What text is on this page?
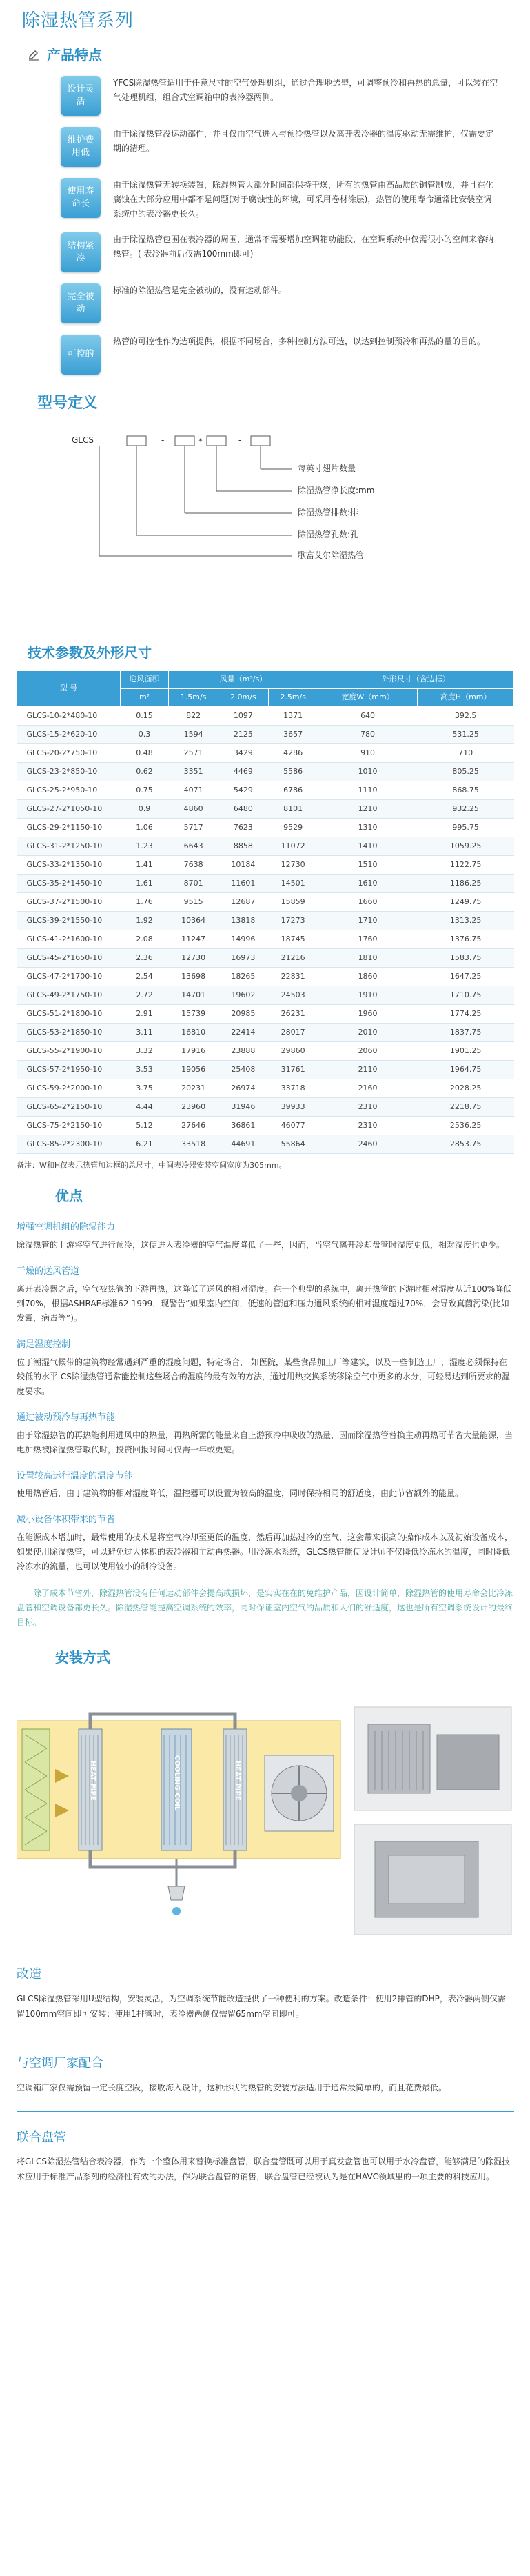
除湿热管系列
产品特点
设计灵活
YFCS除湿热管适用于任意尺寸的空气处理机组，通过合理地选型，可调整预冷和再热的总量，可以装在空气处理机组，组合式空调箱中的表冷器两侧。
维护费用低
由于除湿热管没运动部件，并且仅由空气进入与预冷热管以及离开表冷器的温度驱动无需维护，仅需要定期的清理。
使用寿命长
由于除湿热管无转换装置，除湿热管大部分时间都保持干燥，所有的热管由高品质的铜管制成，并且在化腐蚀在大部分应用中都不是问题(对于腐蚀性的环境，可采用卷材涂层)，热管的使用寿命通常比安装空调系统中的表冷器更长久。
结构紧凑
由于除湿热管包围在表冷器的周围，通常不需要增加空调箱功能段，在空调系统中仅需很小的空间来容纳热管。( 表冷器前后仅需100mm即可)
完全被动
标准的除湿热管是完全被动的，没有运动部件。
可控的
热管的可控性作为选项提供，根据不同场合，多种控制方法可选，以达到控制预冷和再热的量的目的。
型号定义
GLCS	-	*	-
每英寸翅片数量
除湿热管净长度:mm
除湿热管排数:排
除湿热管孔数:孔
歌富艾尔除湿热管
技术参数及外形尺寸
型 号	迎风面积	风量（m³/s）			外形尺寸（含边框）	
	m²	1.5m/s	2.0m/s	2.5m/s	宽度W（mm）	高度H（mm）
GLCS-10-2*480-10	0.15	822	1097	1371	640	392.5
GLCS-15-2*620-10	0.3	1594	2125	3657	780	531.25
GLCS-20-2*750-10	0.48	2571	3429	4286	910	710
GLCS-23-2*850-10	0.62	3351	4469	5586	1010	805.25
GLCS-25-2*950-10	0.75	4071	5429	6786	1110	868.75
GLCS-27-2*1050-10	0.9	4860	6480	8101	1210	932.25
GLCS-29-2*1150-10	1.06	5717	7623	9529	1310	995.75
GLCS-31-2*1250-10	1.23	6643	8858	11072	1410	1059.25
GLCS-33-2*1350-10	1.41	7638	10184	12730	1510	1122.75
GLCS-35-2*1450-10	1.61	8701	11601	14501	1610	1186.25
GLCS-37-2*1500-10	1.76	9515	12687	15859	1660	1249.75
GLCS-39-2*1550-10	1.92	10364	13818	17273	1710	1313.25
GLCS-41-2*1600-10	2.08	11247	14996	18745	1760	1376.75
GLCS-45-2*1650-10	2.36	12730	16973	21216	1810	1583.75
GLCS-47-2*1700-10	2.54	13698	18265	22831	1860	1647.25
GLCS-49-2*1750-10	2.72	14701	19602	24503	1910	1710.75
GLCS-51-2*1800-10	2.91	15739	20985	26231	1960	1774.25
GLCS-53-2*1850-10	3.11	16810	22414	28017	2010	1837.75
GLCS-55-2*1900-10	3.32	17916	23888	29860	2060	1901.25
GLCS-57-2*1950-10	3.53	19056	25408	31761	2110	1964.75
GLCS-59-2*2000-10	3.75	20231	26974	33718	2160	2028.25
GLCS-65-2*2150-10	4.44	23960	31946	39933	2310	2218.75
GLCS-75-2*2150-10	5.12	27646	36861	46077	2310	2536.25
GLCS-85-2*2300-10	6.21	33518	44691	55864	2460	2853.75

备注：W和H仅表示热管加边框的总尺寸，中间表冷器安装空间宽度为305mm。

优点
增强空调机组的除湿能力

除湿热管的上游将空气进行预冷，这使进入表冷器的空气温度降低了一些，因而，当空气离开冷却盘管时湿度更低，相对湿度也更少。

干燥的送风管道

离开表冷器之后，空气被热管的下游再热，这降低了送风的相对湿度。在一个典型的系统中，离开热管的下游时相对湿度从近100%降低到70%，根据ASHRAE标准62-1999，现警告”如果室内空间，低速的管道和压力通风系统的相对湿度超过70%，会导致真菌污染(比如发霉，病毒等”)。

满足湿度控制

位于潮湿气候带的建筑物经常遇到严重的湿度问题，特定场合， 如医院，某些食品加工厂等建筑，以及一些制造工厂，湿度必须保持在较低的水平 CS除湿热管通常能控制这些场合的湿度的最有效的方法，通过用热交换系统移除空气中更多的水分，可轻易达到所要求的湿度要求。

通过被动预冷与再热节能

由于除湿热管的再热能利用进风中的热量，再热所需的能量来自上游预冷中吸收的热量，因而除湿热管替换主动再热可节省大量能源，当电加热被除湿热管取代时，投资回报时间可仅需一年或更短。

设置较高运行温度的温度节能

使用热管后，由于建筑物的相对湿度降低，温控器可以设置为较高的温度，同时保持相同的舒适度，由此节省额外的能量。

减小设备体积带来的节省

在能源成本增加时，最常使用的技术是将空气冷却至更低的温度，然后再加热过冷的空气，这会带来很高的操作成本以及初始设备成本，如果使用除湿热管，可以避免过大体积的表冷器和主动再热器。用冷冻水系统，GLCS热管能使设计师不仅降低冷冻水的温度，同时降低冷冻水的流量，也可以使用较小的制冷设备。

除了成本节省外，除湿热管没有任何运动部件会提高或损坏，是实实在在的免维护产品，因设计简单，除湿热管的使用寿命会比冷冻盘管和空调设备都更长久。除湿热管能提高空调系统的效率，同时保证室内空气的品质和人们的舒适度，这也是所有空调系统设计的最终目标。

安装方式
HEAT PIPE	COOLING COIL	HEAT PIPE
改造

GLCS除湿热管采用U型结构，安装灵活，为空调系统节能改造提供了一种便利的方案。改造条件：使用2排管的DHP，表冷器两侧仅需留100mm空间即可安装；使用1排管时，表冷器两侧仅需留65mm空间即可。

与空调厂家配合

空调箱厂家仅需预留一定长度空段，接收海入设计，这种形状的热管的安装方法适用于通常最简单的，而且花费最低。

联合盘管

将GLCS除湿热管结合表冷器，作为一个整体用来替换标准盘管，联合盘管既可以用于真发盘管也可以用于水冷盘管，能够满足的除湿技术应用于标准产品系列的经济性有效的办法，作为联合盘管的销售，联合盘管已经被认为是在HAVC领域里的一项主要的科技应用。
